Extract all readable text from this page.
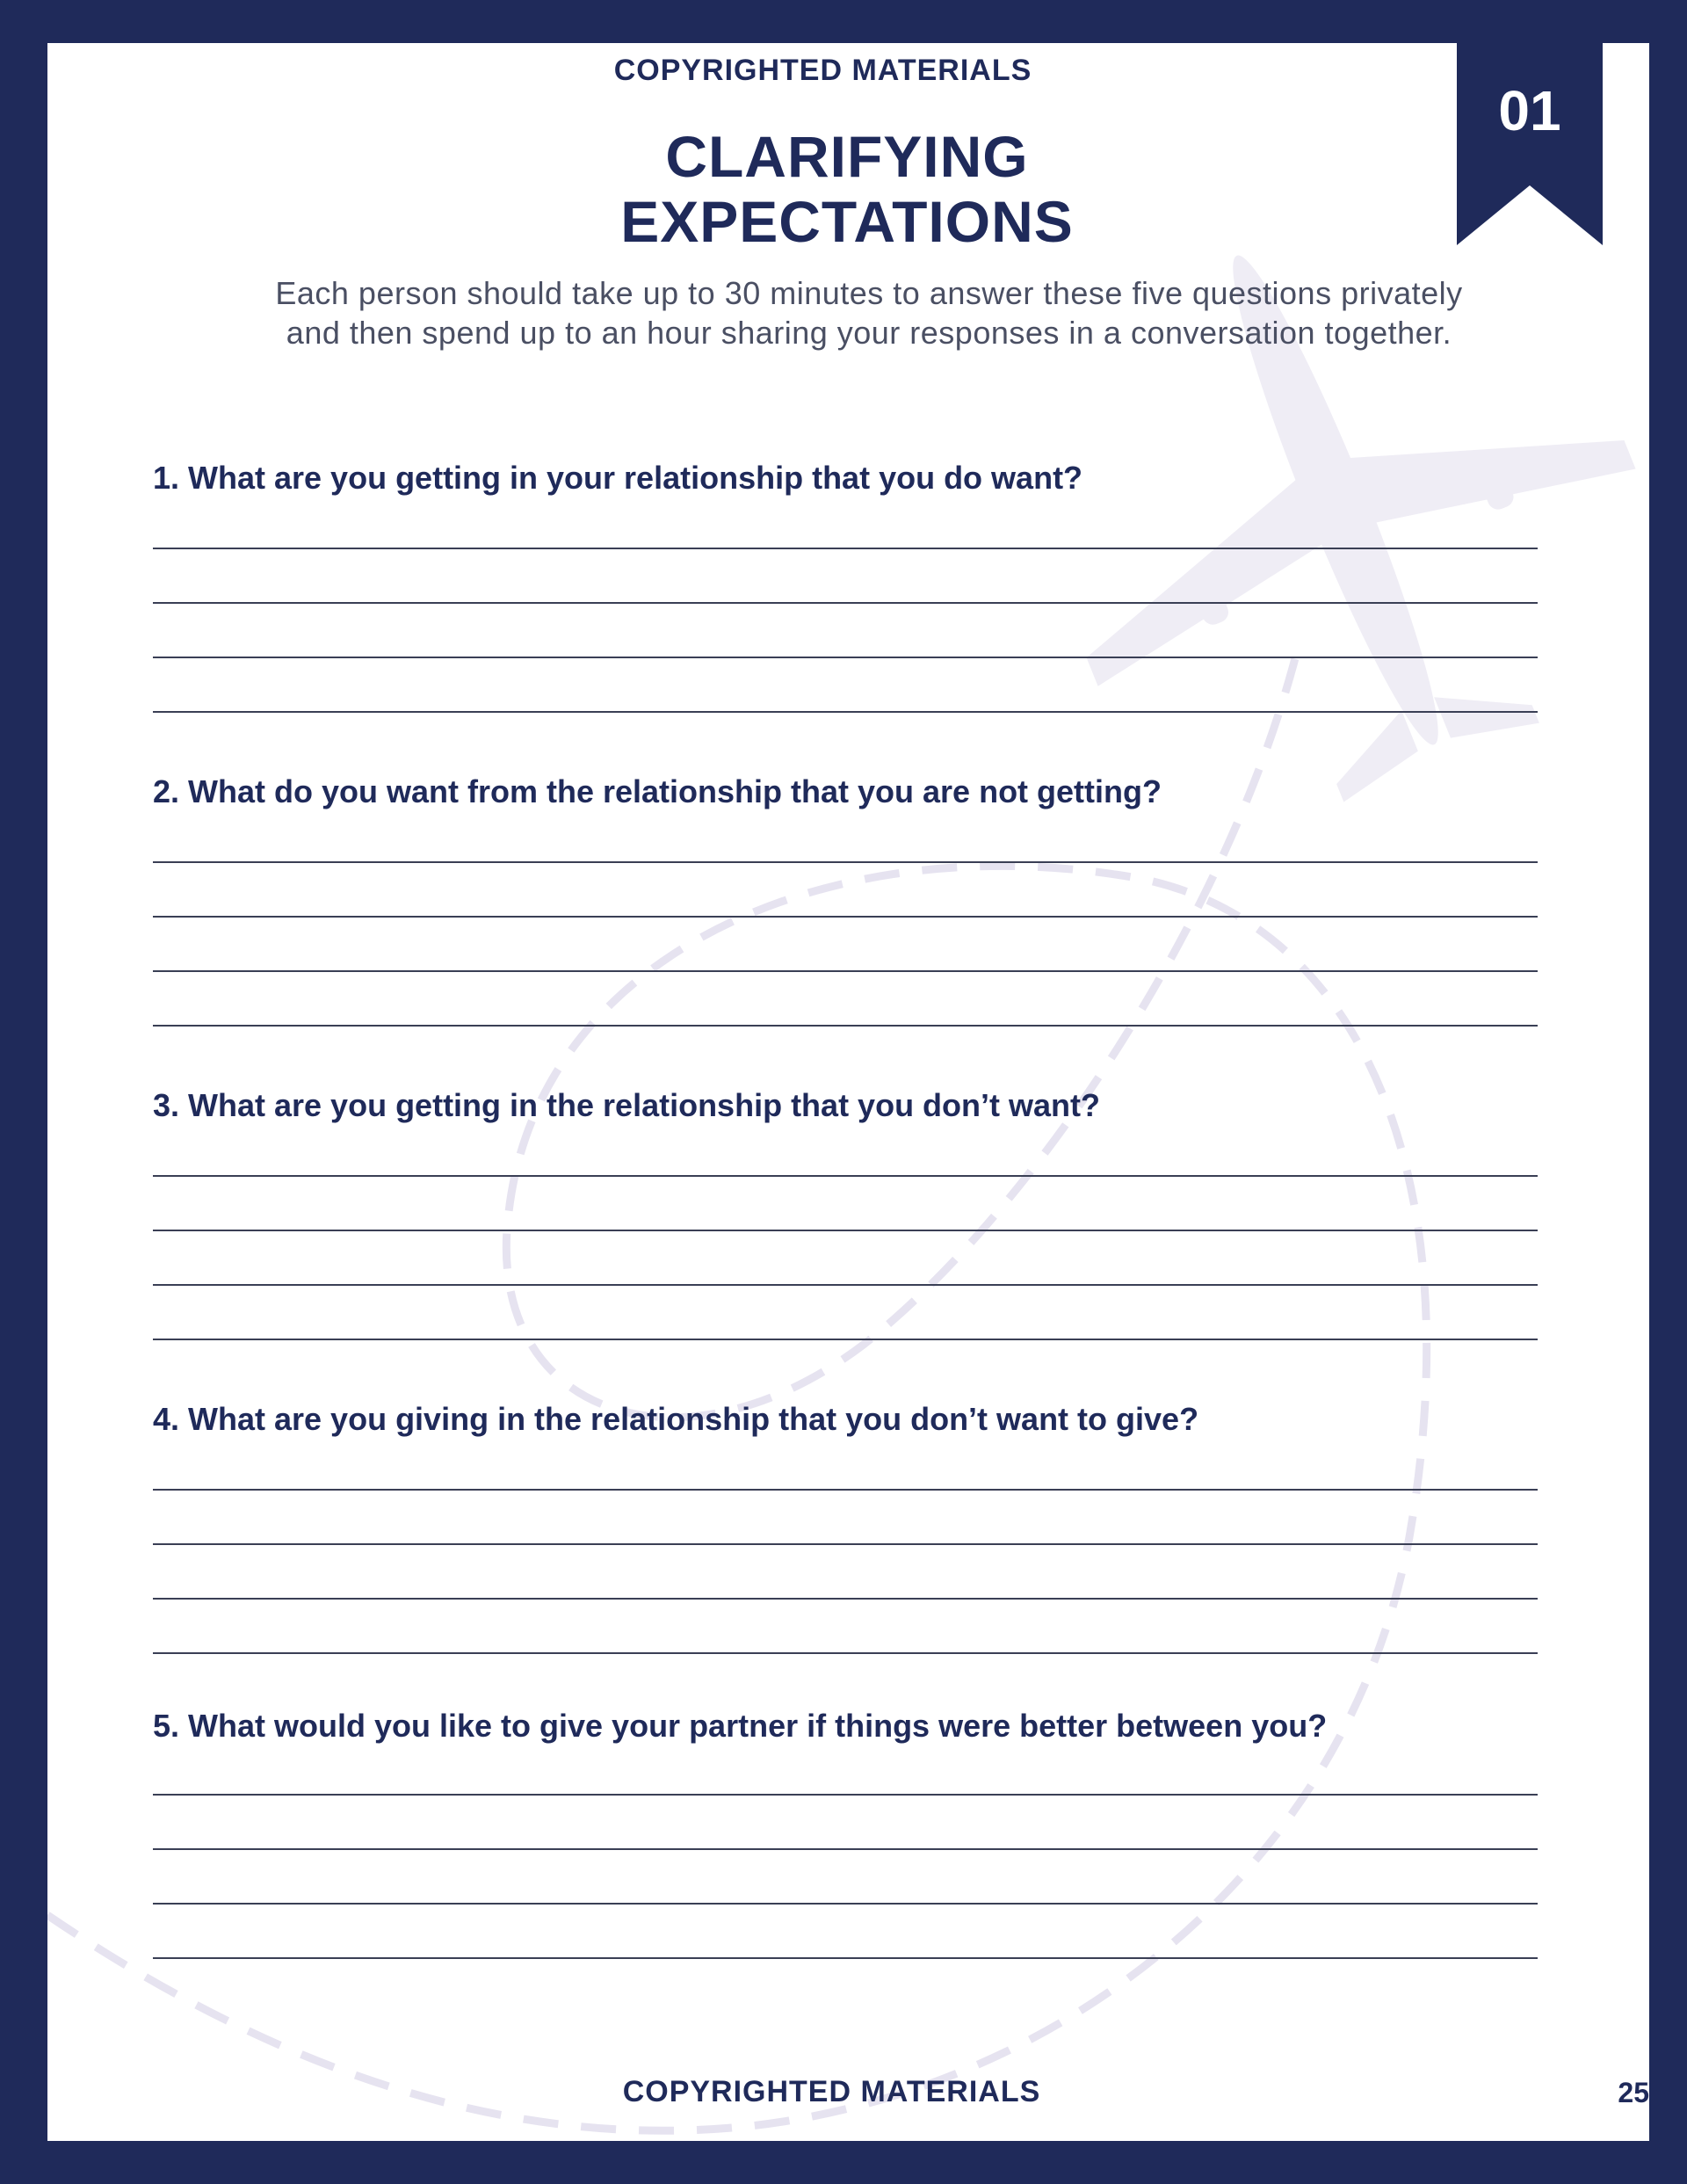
COPYRIGHTED MATERIALS
01
CLARIFYING
EXPECTATIONS
Each person should take up to 30 minutes to answer these five questions privately
and then spend up to an hour sharing your responses in a conversation together.
1. What are you getting in your relationship that you do want?
2. What do you want from the relationship that you are not getting?
3. What are you getting in the relationship that you don’t want?
4. What are you giving in the relationship that you don’t want to give?
5. What would you like to give your partner if things were better between you?
COPYRIGHTED MATERIALS	25
